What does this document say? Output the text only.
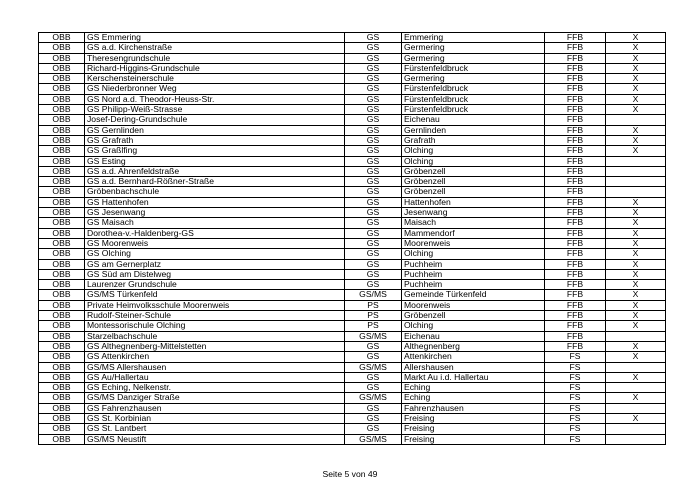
OBB	GS Emmering	GS	Emmering	FFB	X
OBB	GS a.d. Kirchenstraße	GS	Germering	FFB	X
OBB	Theresengrundschule	GS	Germering	FFB	X
OBB	Richard-Higgins-Grundschule	GS	Fürstenfeldbruck	FFB	X
OBB	Kerschensteinerschule	GS	Germering	FFB	X
OBB	GS Niederbronner Weg	GS	Fürstenfeldbruck	FFB	X
OBB	GS Nord a.d. Theodor-Heuss-Str.	GS	Fürstenfeldbruck	FFB	X
OBB	GS Philipp-Weiß-Strasse	GS	Fürstenfeldbruck	FFB	X
OBB	Josef-Dering-Grundschule	GS	Eichenau	FFB	
OBB	GS Gernlinden	GS	Gernlinden	FFB	X
OBB	GS Grafrath	GS	Grafrath	FFB	X
OBB	GS Graßlfing	GS	Olching	FFB	X
OBB	GS Esting	GS	Olching	FFB	
OBB	GS a.d. Ahrenfeldstraße	GS	Gröbenzell	FFB	
OBB	GS a.d. Bernhard-Rößner-Straße	GS	Gröbenzell	FFB	
OBB	Gröbenbachschule	GS	Gröbenzell	FFB	
OBB	GS Hattenhofen	GS	Hattenhofen	FFB	X
OBB	GS Jesenwang	GS	Jesenwang	FFB	X
OBB	GS Maisach	GS	Maisach	FFB	X
OBB	Dorothea-v.-Haldenberg-GS	GS	Mammendorf	FFB	X
OBB	GS Moorenweis	GS	Moorenweis	FFB	X
OBB	GS Olching	GS	Olching	FFB	X
OBB	GS am Gernerplatz	GS	Puchheim	FFB	X
OBB	GS Süd am Distelweg	GS	Puchheim	FFB	X
OBB	Laurenzer Grundschule	GS	Puchheim	FFB	X
OBB	GS/MS Türkenfeld	GS/MS	Gemeinde Türkenfeld	FFB	X
OBB	Private Heimvolksschule Moorenweis	PS	Moorenweis	FFB	X
OBB	Rudolf-Steiner-Schule	PS	Gröbenzell	FFB	X
OBB	Montessorischule Olching	PS	Olching	FFB	X
OBB	Starzelbachschule	GS/MS	Eichenau	FFB	
OBB	GS Althegnenberg-Mittelstetten	GS	Althegnenberg	FFB	X
OBB	GS Attenkirchen	GS	Attenkirchen	FS	X
OBB	GS/MS Allershausen	GS/MS	Allershausen	FS	
OBB	GS Au/Hallertau	GS	Markt Au i.d. Hallertau	FS	X
OBB	GS Eching, Nelkenstr.	GS	Eching	FS	
OBB	GS/MS Danziger Straße	GS/MS	Eching	FS	X
OBB	GS Fahrenzhausen	GS	Fahrenzhausen	FS	
OBB	GS St. Korbinian	GS	Freising	FS	X
OBB	GS St. Lantbert	GS	Freising	FS	
OBB	GS/MS Neustift	GS/MS	Freising	FS	
Seite 5 von 49
